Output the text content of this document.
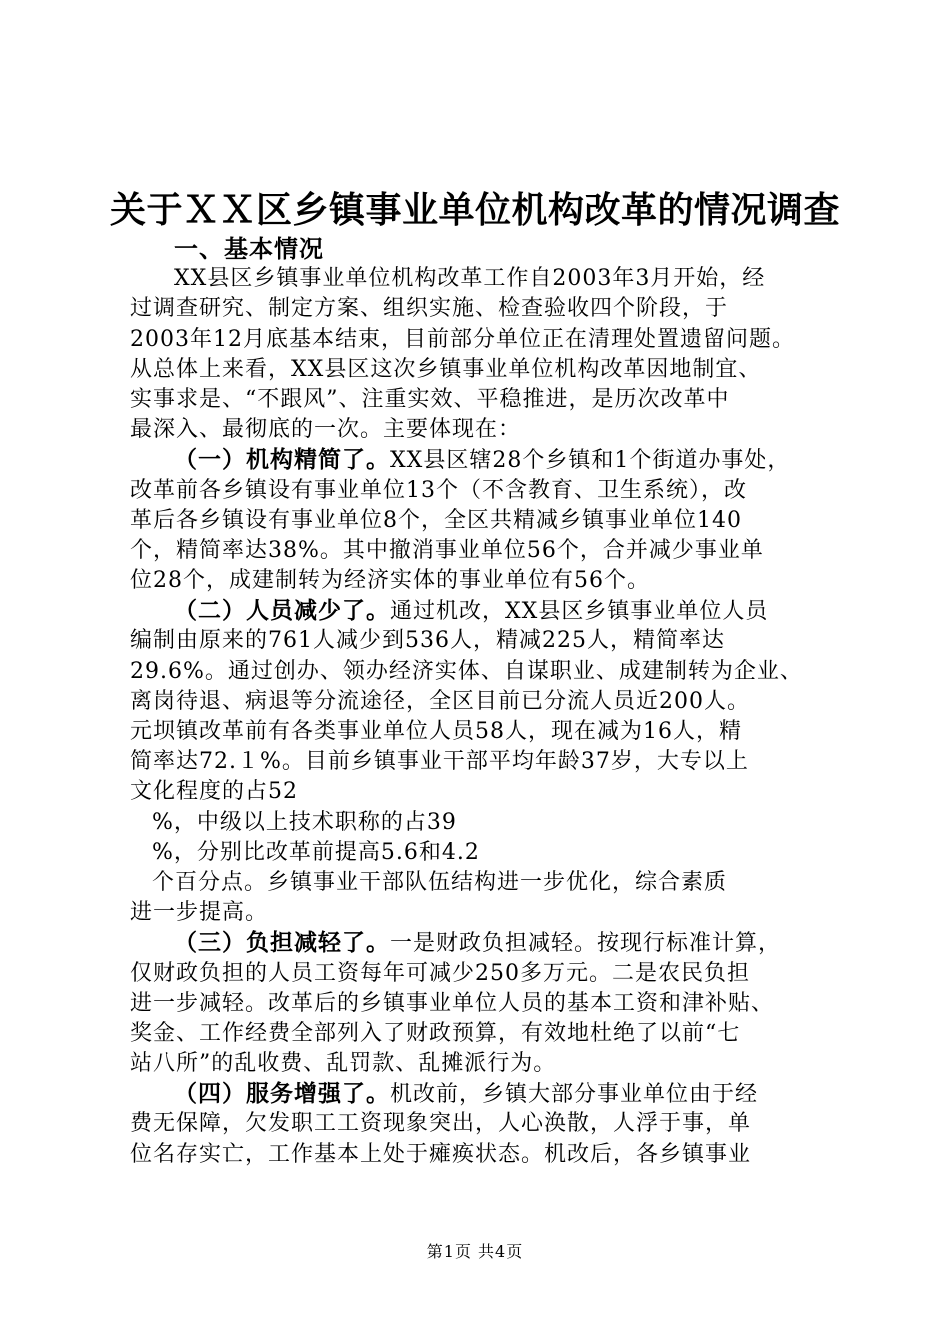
关于ＸＸ区乡镇事业单位机构改革的情况调查
一、基本情况
XX县区乡镇事业单位机构改革工作自2003年3月开始，经
过调查研究、制定方案、组织实施、检查验收四个阶段，于
2003年12月底基本结束，目前部分单位正在清理处置遗留问题。
从总体上来看，XX县区这次乡镇事业单位机构改革因地制宜、
实事求是、“不跟风”、注重实效、平稳推进，是历次改革中
最深入、最彻底的一次。主要体现在：
（一）机构精简了。XX县区辖28个乡镇和1个街道办事处，
改革前各乡镇设有事业单位13个（不含教育、卫生系统），改
革后各乡镇设有事业单位8个，全区共精减乡镇事业单位140
个，精简率达38%。其中撤消事业单位56个，合并减少事业单
位28个，成建制转为经济实体的事业单位有56个。
（二）人员减少了。通过机改，XX县区乡镇事业单位人员
编制由原来的761人减少到536人，精减225人，精简率达
29.6%。通过创办、领办经济实体、自谋职业、成建制转为企业、
离岗待退、病退等分流途径，全区目前已分流人员近200人。
元坝镇改革前有各类事业单位人员58人，现在减为16人，精
简率达72.１%。目前乡镇事业干部平均年龄37岁，大专以上
文化程度的占52
%，中级以上技术职称的占39
%，分别比改革前提高5.6和4.2
个百分点。乡镇事业干部队伍结构进一步优化，综合素质
进一步提高。
（三）负担减轻了。一是财政负担减轻。按现行标准计算，
仅财政负担的人员工资每年可减少250多万元。二是农民负担
进一步减轻。改革后的乡镇事业单位人员的基本工资和津补贴、
奖金、工作经费全部列入了财政预算，有效地杜绝了以前“七
站八所”的乱收费、乱罚款、乱摊派行为。
（四）服务增强了。机改前，乡镇大部分事业单位由于经
费无保障，欠发职工工资现象突出，人心涣散，人浮于事，单
位名存实亡，工作基本上处于瘫痪状态。机改后，各乡镇事业
第1页 共4页
